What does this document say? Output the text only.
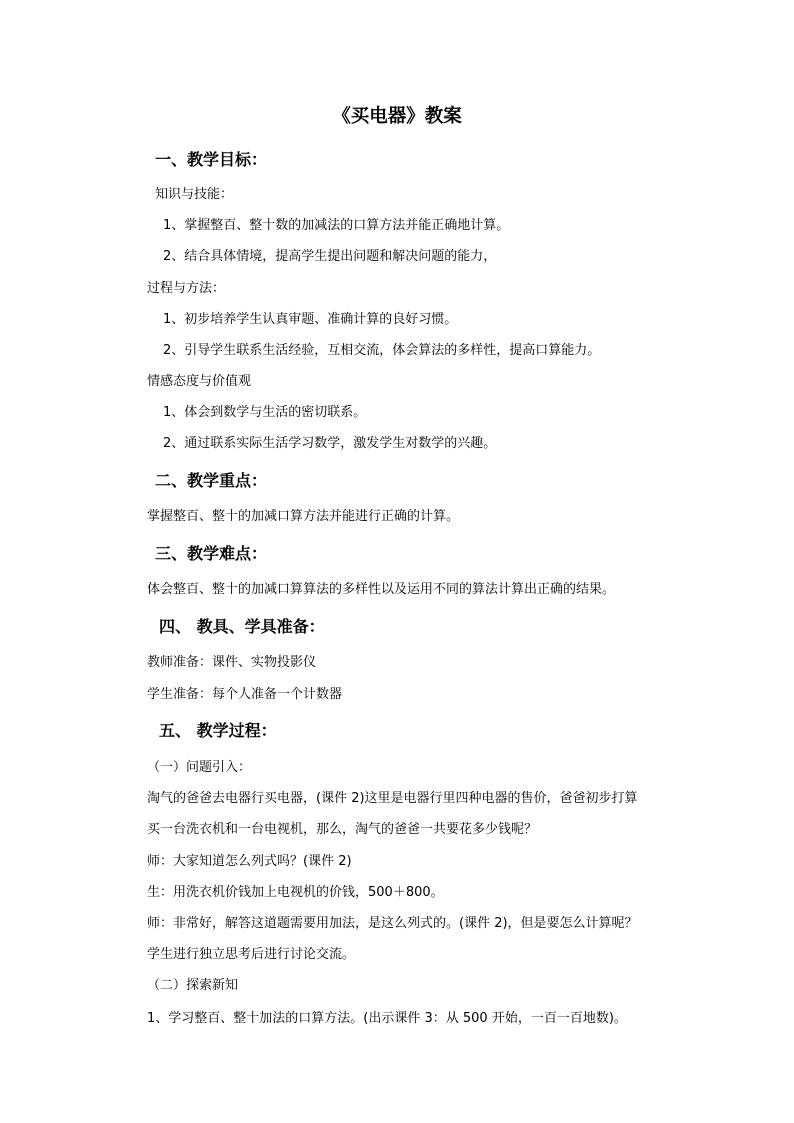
《买电器》教案
一、教学目标：
知识与技能：
1、掌握整百、整十数的加减法的口算方法并能正确地计算。
2、结合具体情境，提高学生提出问题和解决问题的能力，
过程与方法：
1、初步培养学生认真审题、准确计算的良好习惯。
2、引导学生联系生活经验，互相交流，体会算法的多样性，提高口算能力。
情感态度与价值观
1、体会到数学与生活的密切联系。
2、通过联系实际生活学习数学，激发学生对数学的兴趣。
二、教学重点：
掌握整百、整十的加减口算方法并能进行正确的计算。
三、教学难点：
体会整百、整十的加减口算算法的多样性以及运用不同的算法计算出正确的结果。
四、 教具、学具准备：
教师准备：课件、实物投影仪
学生准备：每个人准备一个计数器
五、 教学过程：
（一）问题引入：
淘气的爸爸去电器行买电器，(课件 2)这里是电器行里四种电器的售价，爸爸初步打算
买一台洗衣机和一台电视机，那么，淘气的爸爸一共要花多少钱呢？
师：大家知道怎么列式吗？(课件 2)
生：用洗衣机价钱加上电视机的价钱，500＋800。
师：非常好，解答这道题需要用加法，是这么列式的。(课件 2)，但是要怎么计算呢？
学生进行独立思考后进行讨论交流。
（二）探索新知
1、学习整百、整十加法的口算方法。(出示课件 3：从 500 开始，一百一百地数)。
